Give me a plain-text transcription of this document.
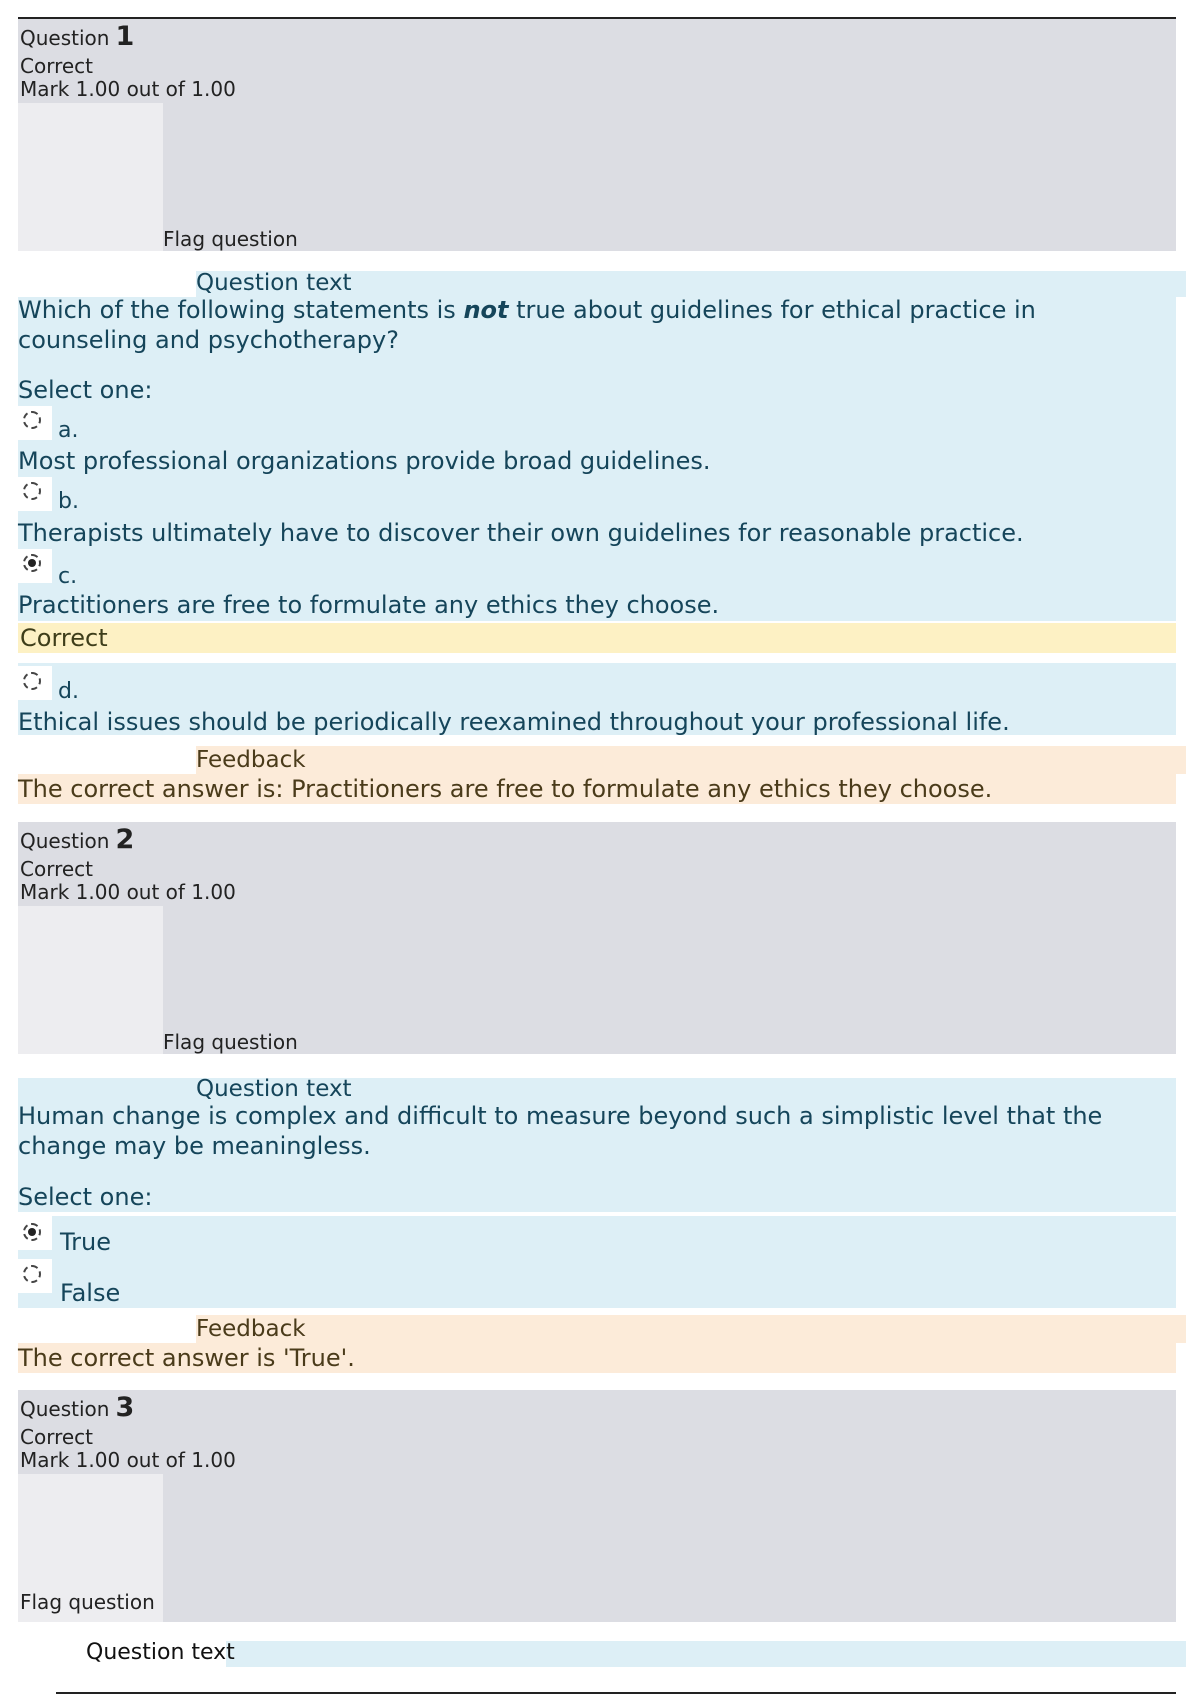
Question 1
Correct
Mark 1.00 out of 1.00
Flag question
Question text
Which of the following statements is not true about guidelines for ethical practice in counseling and psychotherapy?
Select one:
a.
Most professional organizations provide broad guidelines.
b.
Therapists ultimately have to discover their own guidelines for reasonable practice.
c.
Practitioners are free to formulate any ethics they choose.
Correct
d.
Ethical issues should be periodically reexamined throughout your professional life.
Feedback
The correct answer is: Practitioners are free to formulate any ethics they choose.
Question 2
Correct
Mark 1.00 out of 1.00
Flag question
Question text
Human change is complex and difficult to measure beyond such a simplistic level that the change may be meaningless.
Select one:
True
False
Feedback
The correct answer is 'True'.
Question 3
Correct
Mark 1.00 out of 1.00
Flag question
Question text
